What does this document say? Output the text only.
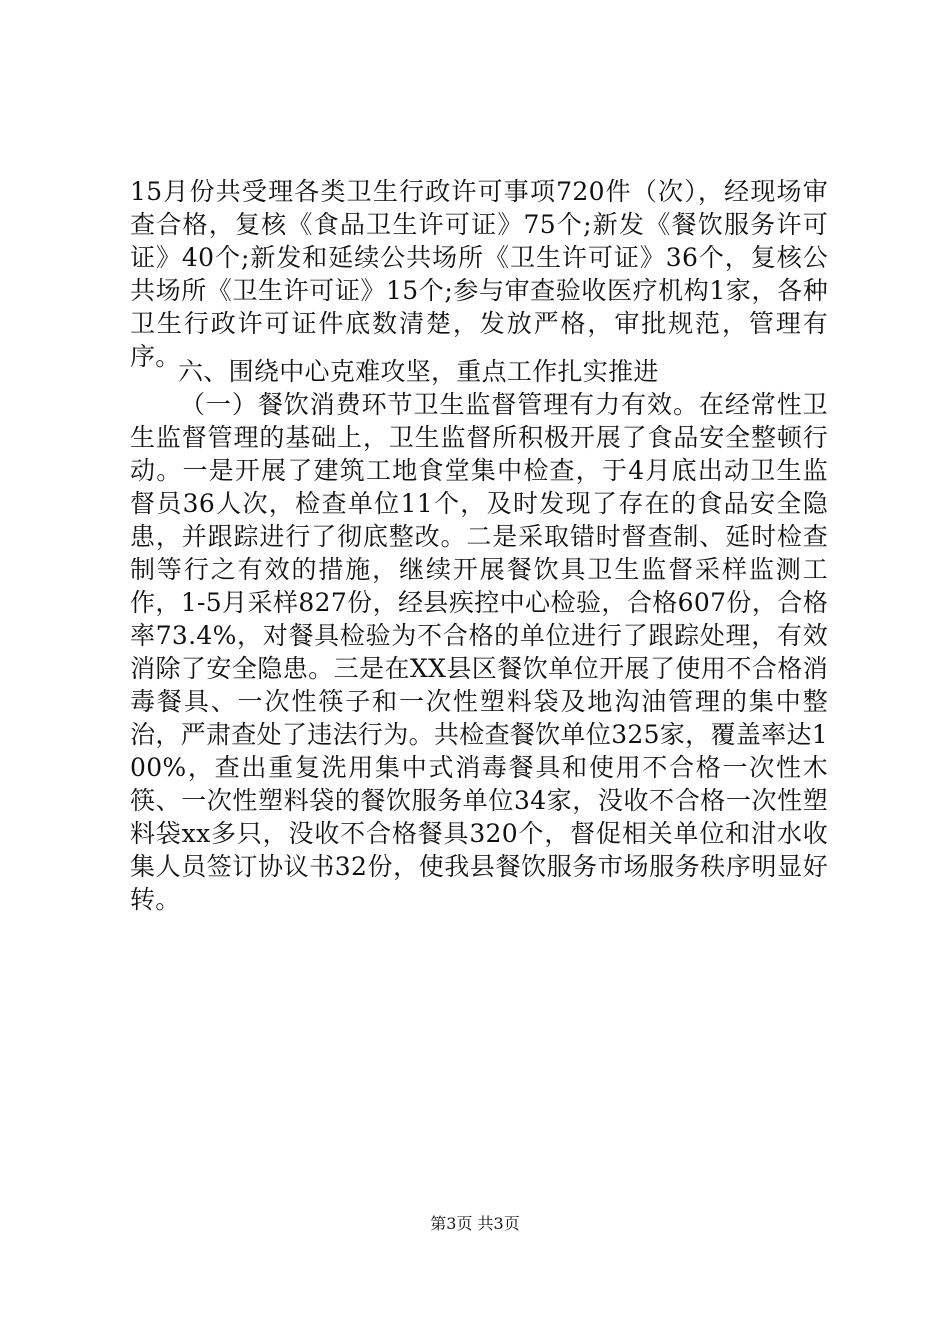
15月份共受理各类卫生行政许可事项720件（次），经现场审查合格，复核《食品卫生许可证》75个;新发《餐饮服务许可证》40个;新发和延续公共场所《卫生许可证》36个，复核公共场所《卫生许可证》15个;参与审查验收医疗机构1家，各种卫生行政许可证件底数清楚，发放严格，审批规范，管理有序。
六、围绕中心克难攻坚，重点工作扎实推进
（一）餐饮消费环节卫生监督管理有力有效。在经常性卫生监督管理的基础上，卫生监督所积极开展了食品安全整顿行动。一是开展了建筑工地食堂集中检查，于4月底出动卫生监督员36人次，检查单位11个，及时发现了存在的食品安全隐患，并跟踪进行了彻底整改。二是采取错时督查制、延时检查制等行之有效的措施，继续开展餐饮具卫生监督采样监测工作，1-5月采样827份，经县疾控中心检验，合格607份，合格率73.4%，对餐具检验为不合格的单位进行了跟踪处理，有效消除了安全隐患。三是在XX县区餐饮单位开展了使用不合格消毒餐具、一次性筷子和一次性塑料袋及地沟油管理的集中整治，严肃查处了违法行为。共检查餐饮单位325家，覆盖率达100%，查出重复洗用集中式消毒餐具和使用不合格一次性木筷、一次性塑料袋的餐饮服务单位34家，没收不合格一次性塑料袋xx多只，没收不合格餐具320个，督促相关单位和泔水收集人员签订协议书32份，使我县餐饮服务市场服务秩序明显好转。
第3页 共3页
